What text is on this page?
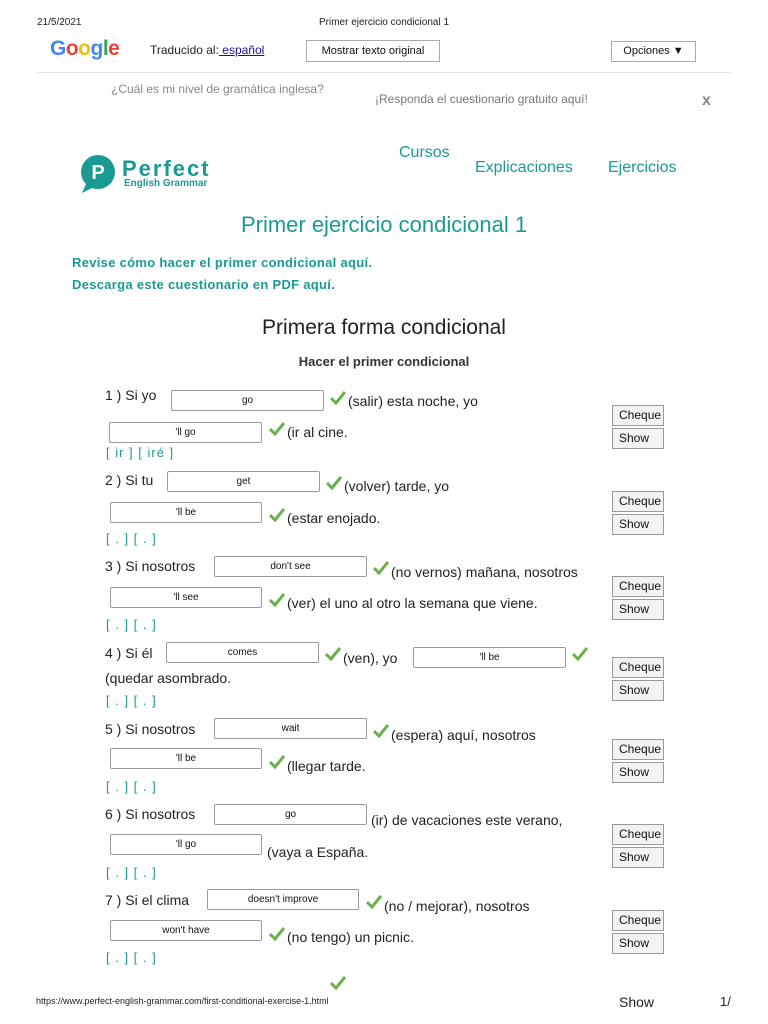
21/5/2021	Primer ejercicio condicional 1
Google	Traducido al: español	Mostrar texto original	Opciones ▼
¿Cuál es mi nivel de gramática inglesa?
¡Responda el cuestionario gratuito aquí!	x
P Perfect
English Grammar
Cursos
Explicaciones Ejercicios
Primer ejercicio condicional 1
Revise cómo hacer el primer condicional aquí.
Descarga este cuestionario en PDF aquí.
Primera forma condicional
Hacer el primer condicional
1 ) Si yo	go	(salir) esta noche, yo
'll go	(ir al cine.
[ ir ] [ iré ]
Cheque
Show
2 ) Si tu	get	(volver) tarde, yo
'll be	(estar enojado.
[ . ] [ . ]
Cheque
Show
3 ) Si nosotros	don't see	(no vernos) mañana, nosotros
'll see	(ver) el uno al otro la semana que viene.
[ . ] [ . ]
Cheque
Show
4 ) Si él	comes	(ven), yo	'll be
(quedar asombrado.
[ . ] [ . ]
Cheque
Show
5 ) Si nosotros	wait	(espera) aquí, nosotros
'll be	(llegar tarde.
[ . ] [ . ]
Cheque
Show
6 ) Si nosotros	go	(ir) de vacaciones este verano,
'll go	(vaya a España.
[ . ] [ . ]
Cheque
Show
7 ) Si el clima	doesn't improve	(no / mejorar), nosotros
won't have	(no tengo) un picnic.
[ . ] [ . ]
Cheque
Show
https://www.perfect-english-grammar.com/first-conditional-exercise-1.html	Show	1/
